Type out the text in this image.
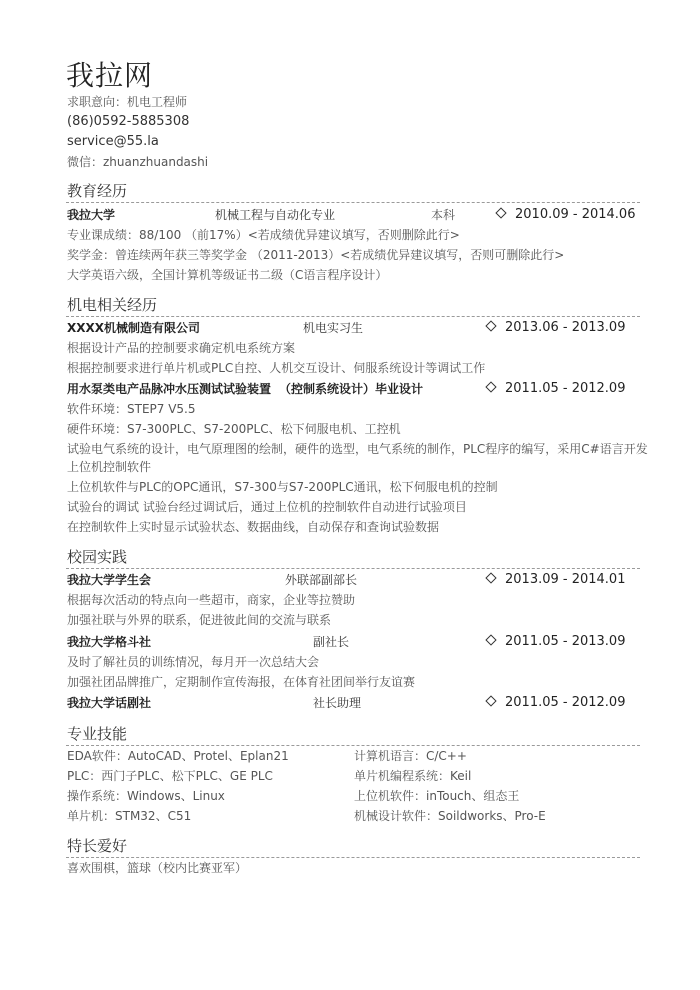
我拉网
求职意向：机电工程师
(86)0592-5885308
service@55.la
微信：zhuanzhuandashi
教育经历
我拉大学	机械工程与自动化专业	本科	2010.09 - 2014.06
专业课成绩：88/100 （前17%）<若成绩优异建议填写，否则删除此行>
奖学金：曾连续两年获三等奖学金 （2011-2013）<若成绩优异建议填写，否则可删除此行>
大学英语六级，全国计算机等级证书二级（C语言程序设计）
机电相关经历
XXXX机械制造有限公司	机电实习生	2013.06 - 2013.09
根据设计产品的控制要求确定机电系统方案
根据控制要求进行单片机或PLC自控、人机交互设计、伺服系统设计等调试工作
用水泵类电产品脉冲水压测试试验装置 （控制系统设计）毕业设计	2011.05 - 2012.09
软件环境：STEP7 V5.5
硬件环境：S7-300PLC、S7-200PLC、松下伺服电机、工控机
试验电气系统的设计，电气原理图的绘制，硬件的选型，电气系统的制作，PLC程序的编写，采用C#语言开发
上位机控制软件
上位机软件与PLC的OPC通讯，S7-300与S7-200PLC通讯，松下伺服电机的控制
试验台的调试 试验台经过调试后，通过上位机的控制软件自动进行试验项目
在控制软件上实时显示试验状态、数据曲线，自动保存和查询试验数据
校园实践
我拉大学学生会	外联部副部长	2013.09 - 2014.01
根据每次活动的特点向一些超市，商家，企业等拉赞助
加强社联与外界的联系，促进彼此间的交流与联系
我拉大学格斗社	副社长	2011.05 - 2013.09
及时了解社员的训练情况，每月开一次总结大会
加强社团品牌推广，定期制作宣传海报，在体育社团间举行友谊赛
我拉大学话剧社	社长助理	2011.05 - 2012.09
专业技能
EDA软件：AutoCAD、Protel、Eplan21	计算机语言：C/C++
PLC：西门子PLC、松下PLC、GE PLC	单片机编程系统：Keil
操作系统：Windows、Linux	上位机软件：inTouch、组态王
单片机：STM32、C51	机械设计软件：Soildworks、Pro-E
特长爱好
喜欢围棋，篮球（校内比赛亚军）
